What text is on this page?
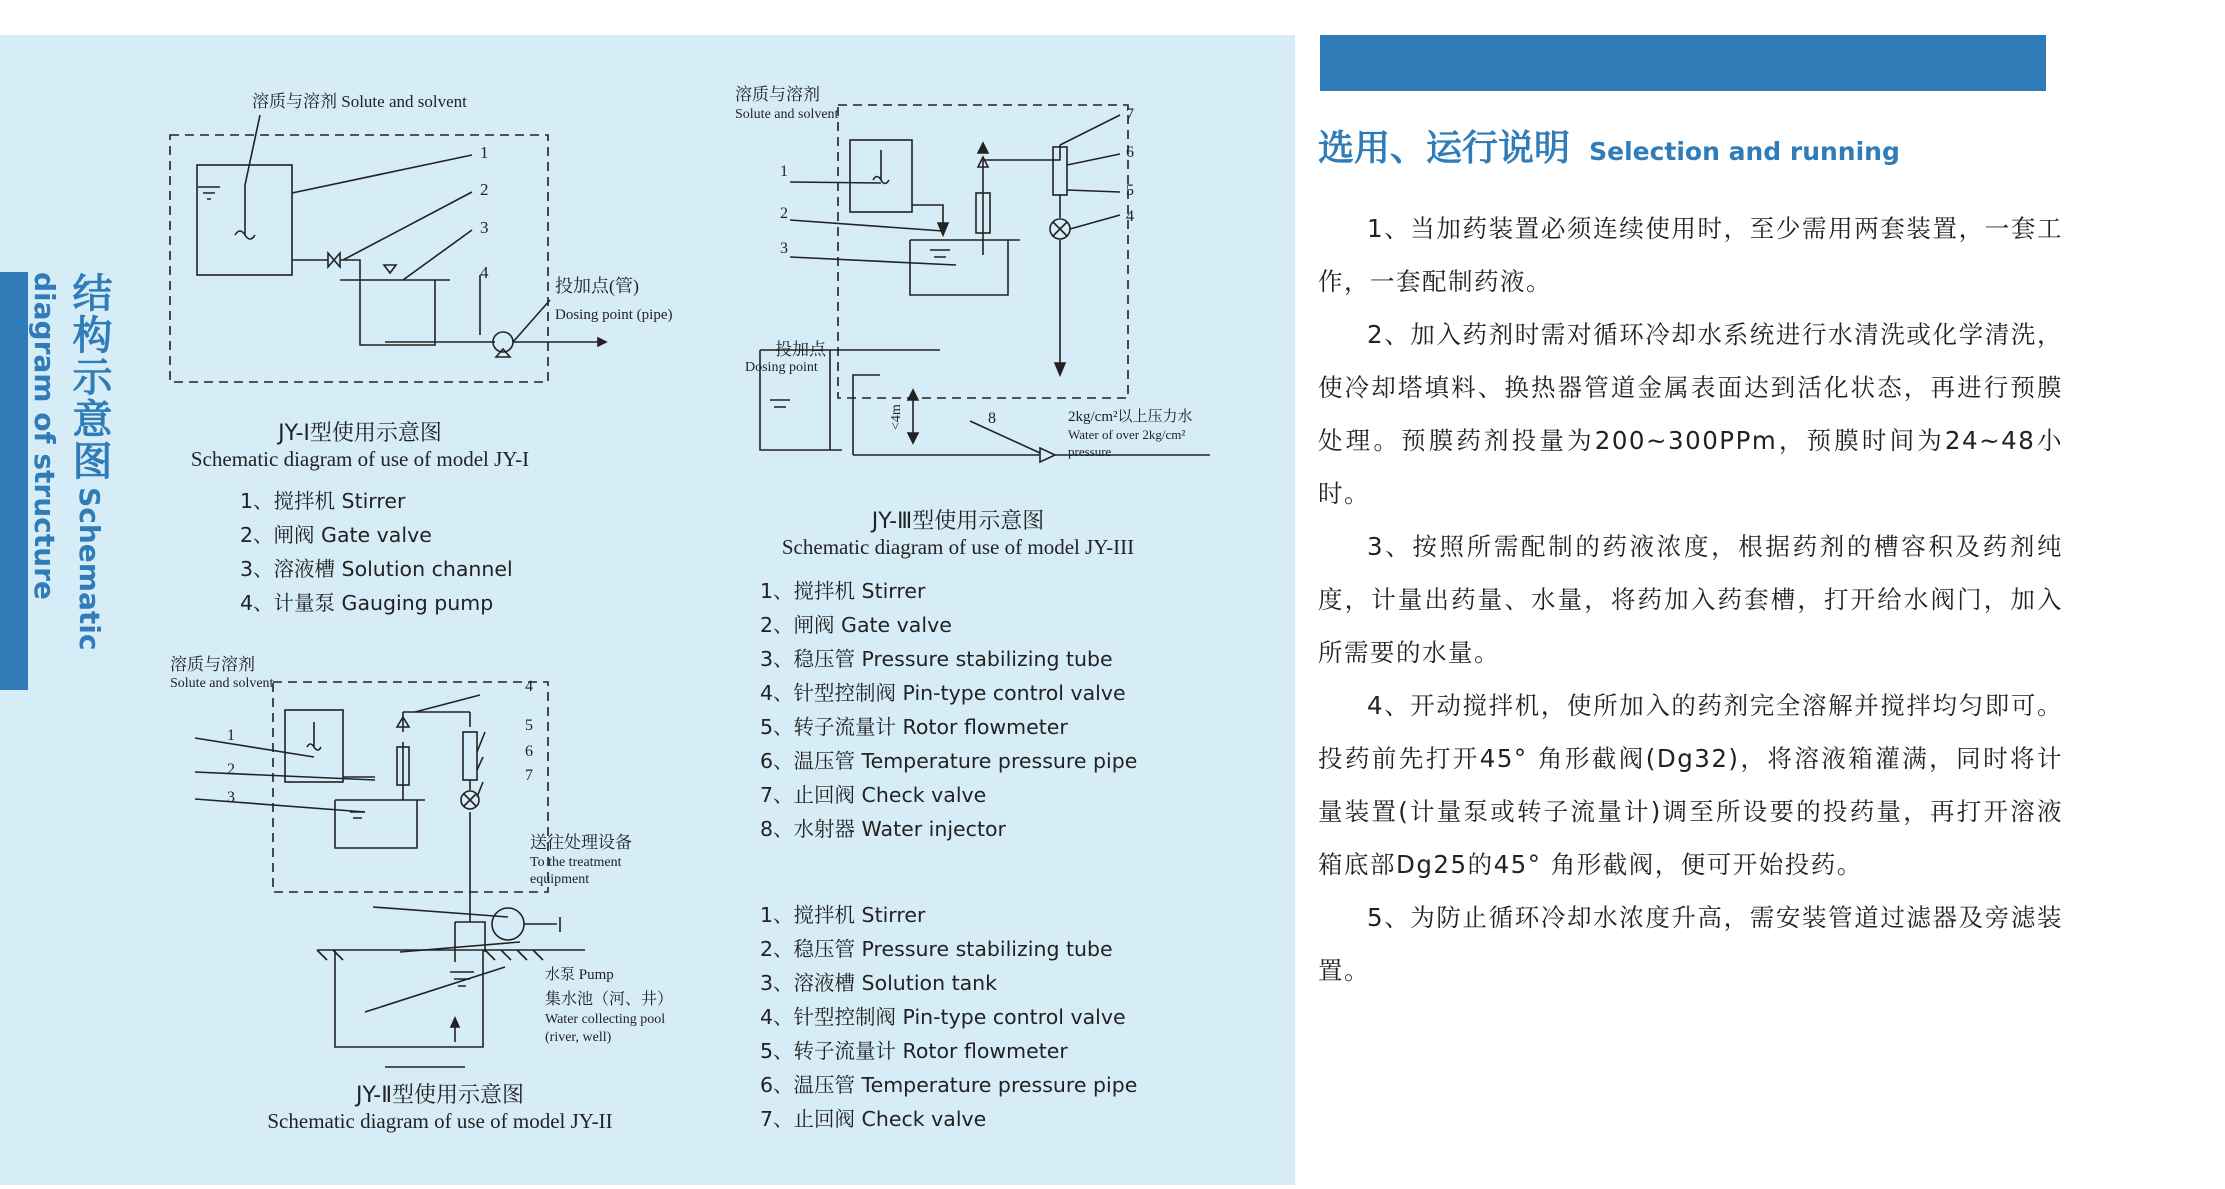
结构示意图 Schematic diagram of structure
溶质与溶剂 Solute and solvent
1
2
3
4
投加点(管)
Dosing point (pipe)
JY-Ⅰ型使用示意图
Schematic diagram of use of model JY-I
1、搅拌机 Stirrer
2、闸阀 Gate valve
3、溶液槽 Solution channel
4、计量泵 Gauging pump
溶质与溶剂
Solute and solvent
1
2
3
4
5
6
7
送往处理设备
To the treatment
equipment
水泵 Pump
集水池（河、井）
Water collecting pool
(river, well)
JY-Ⅱ型使用示意图
Schematic diagram of use of model JY-II
溶质与溶剂
Solute and solvent
1
2
3
7
6
5
4
8
投加点
Dosing point
<4m	2kg/cm²以上压力水
Water of over 2kg/cm²
pressure
JY-Ⅲ型使用示意图
Schematic diagram of use of model JY-III
1、搅拌机 Stirrer
2、闸阀 Gate valve
3、稳压管 Pressure stabilizing tube
4、针型控制阀 Pin-type control valve
5、转子流量计 Rotor flowmeter
6、温压管 Temperature pressure pipe
7、止回阀 Check valve
8、水射器 Water injector
1、搅拌机 Stirrer
2、稳压管 Pressure stabilizing tube
3、溶液槽 Solution tank
4、针型控制阀 Pin-type control valve
5、转子流量计 Rotor flowmeter
6、温压管 Temperature pressure pipe
7、止回阀 Check valve
选用、运行说明 Selection and running

1、当加药装置必须连续使用时，至少需用两套装置，一套工作，一套配制药液。

2、加入药剂时需对循环冷却水系统进行水清洗或化学清洗，使冷却塔填料、换热器管道金属表面达到活化状态，再进行预膜处理。预膜药剂投量为200~300PPm，预膜时间为24~48小时。

3、按照所需配制的药液浓度，根据药剂的槽容积及药剂纯度，计量出药量、水量，将药加入药套槽，打开给水阀门，加入所需要的水量。

4、开动搅拌机，使所加入的药剂完全溶解并搅拌均匀即可。投药前先打开45° 角形截阀(Dg32)，将溶液箱灌满，同时将计量装置(计量泵或转子流量计)调至所设要的投药量，再打开溶液箱底部Dg25的45° 角形截阀，便可开始投药。

5、为防止循环冷却水浓度升高，需安装管道过滤器及旁滤装置。
